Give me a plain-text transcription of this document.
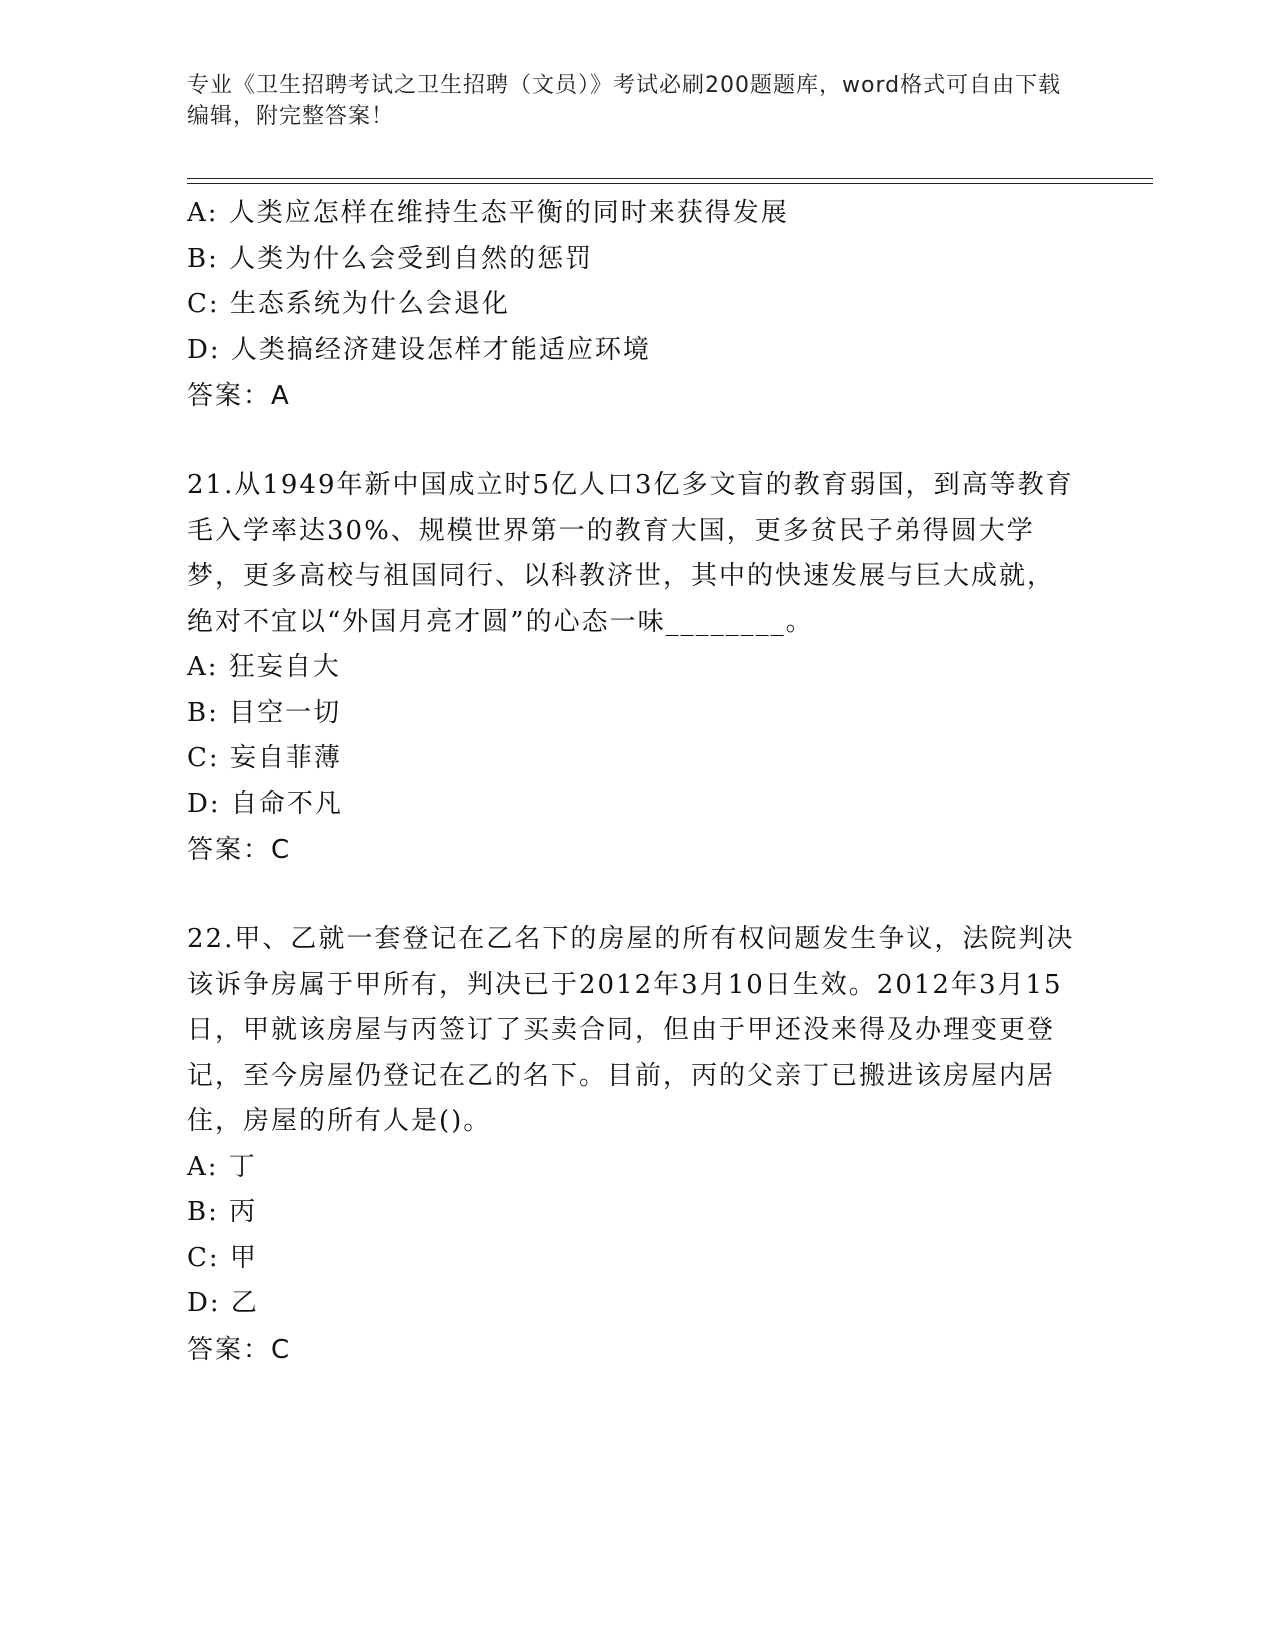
专业《卫生招聘考试之卫生招聘（文员）》考试必刷200题题库，word格式可自由下载编辑，附完整答案！
A: 人类应怎样在维持生态平衡的同时来获得发展
B: 人类为什么会受到自然的惩罚
C: 生态系统为什么会退化
D: 人类搞经济建设怎样才能适应环境
答案：A
21.从1949年新中国成立时5亿人口3亿多文盲的教育弱国，到高等教育毛入学率达30%、规模世界第一的教育大国，更多贫民子弟得圆大学梦，更多高校与祖国同行、以科教济世，其中的快速发展与巨大成就，绝对不宜以“外国月亮才圆”的心态一味________。
A: 狂妄自大
B: 目空一切
C: 妄自菲薄
D: 自命不凡
答案：C
22.甲、乙就一套登记在乙名下的房屋的所有权问题发生争议，法院判决该诉争房属于甲所有，判决已于2012年3月10日生效。2012年3月15日，甲就该房屋与丙签订了买卖合同，但由于甲还没来得及办理变更登记，至今房屋仍登记在乙的名下。目前，丙的父亲丁已搬进该房屋内居住，房屋的所有人是()。
A: 丁
B: 丙
C: 甲
D: 乙
答案：C
